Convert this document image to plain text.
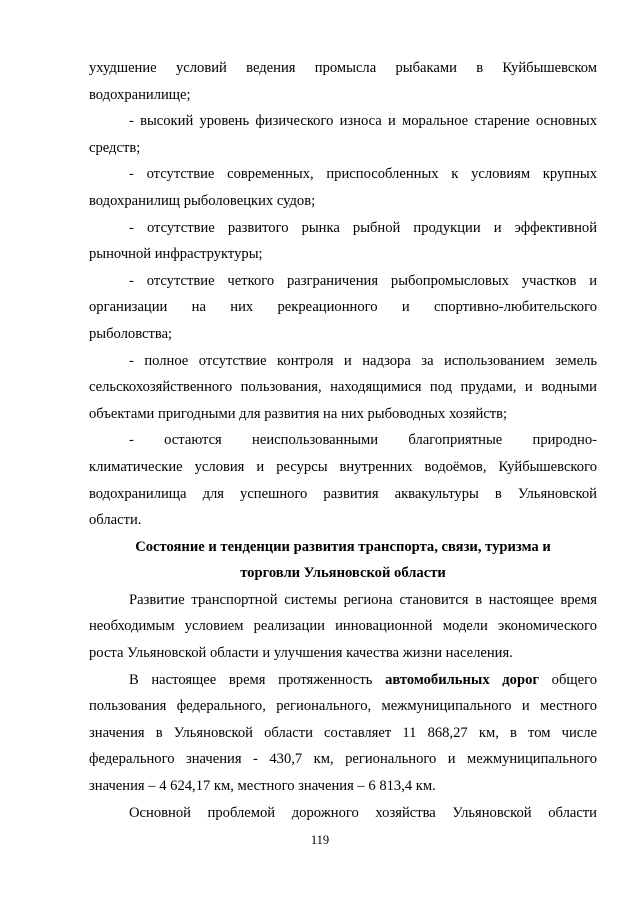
ухудшение условий ведения промысла рыбаками в Куйбышевском
водохранилище;
- высокий уровень физического износа и моральное старение основных
средств;
- отсутствие современных, приспособленных к условиям крупных
водохранилищ рыболовецких судов;
- отсутствие развитого рынка рыбной продукции и эффективной
рыночной инфраструктуры;
- отсутствие четкого разграничения рыбопромысловых участков и
организации на них рекреационного и спортивно-любительского
рыболовства;
- полное отсутствие контроля и надзора за использованием земель
сельскохозяйственного пользования, находящимися под прудами, и водными
объектами пригодными для развития на них рыбоводных хозяйств;
- остаются неиспользованными благоприятные природно-
климатические условия и ресурсы внутренних водоёмов, Куйбышевского
водохранилища для успешного развития аквакультуры в Ульяновской
области.
Состояние и тенденции развития транспорта, связи, туризма и
торговли Ульяновской области
Развитие транспортной системы региона становится в настоящее время
необходимым условием реализации инновационной модели экономического
роста Ульяновской области и улучшения качества жизни населения.
В настоящее время протяженность автомобильных дорог общего
пользования федерального, регионального, межмуниципального и местного
значения в Ульяновской области составляет 11 868,27 км, в том числе
федерального значения - 430,7 км, регионального и межмуниципального
значения – 4 624,17 км, местного значения – 6 813,4 км.
Основной проблемой дорожного хозяйства Ульяновской области
119
